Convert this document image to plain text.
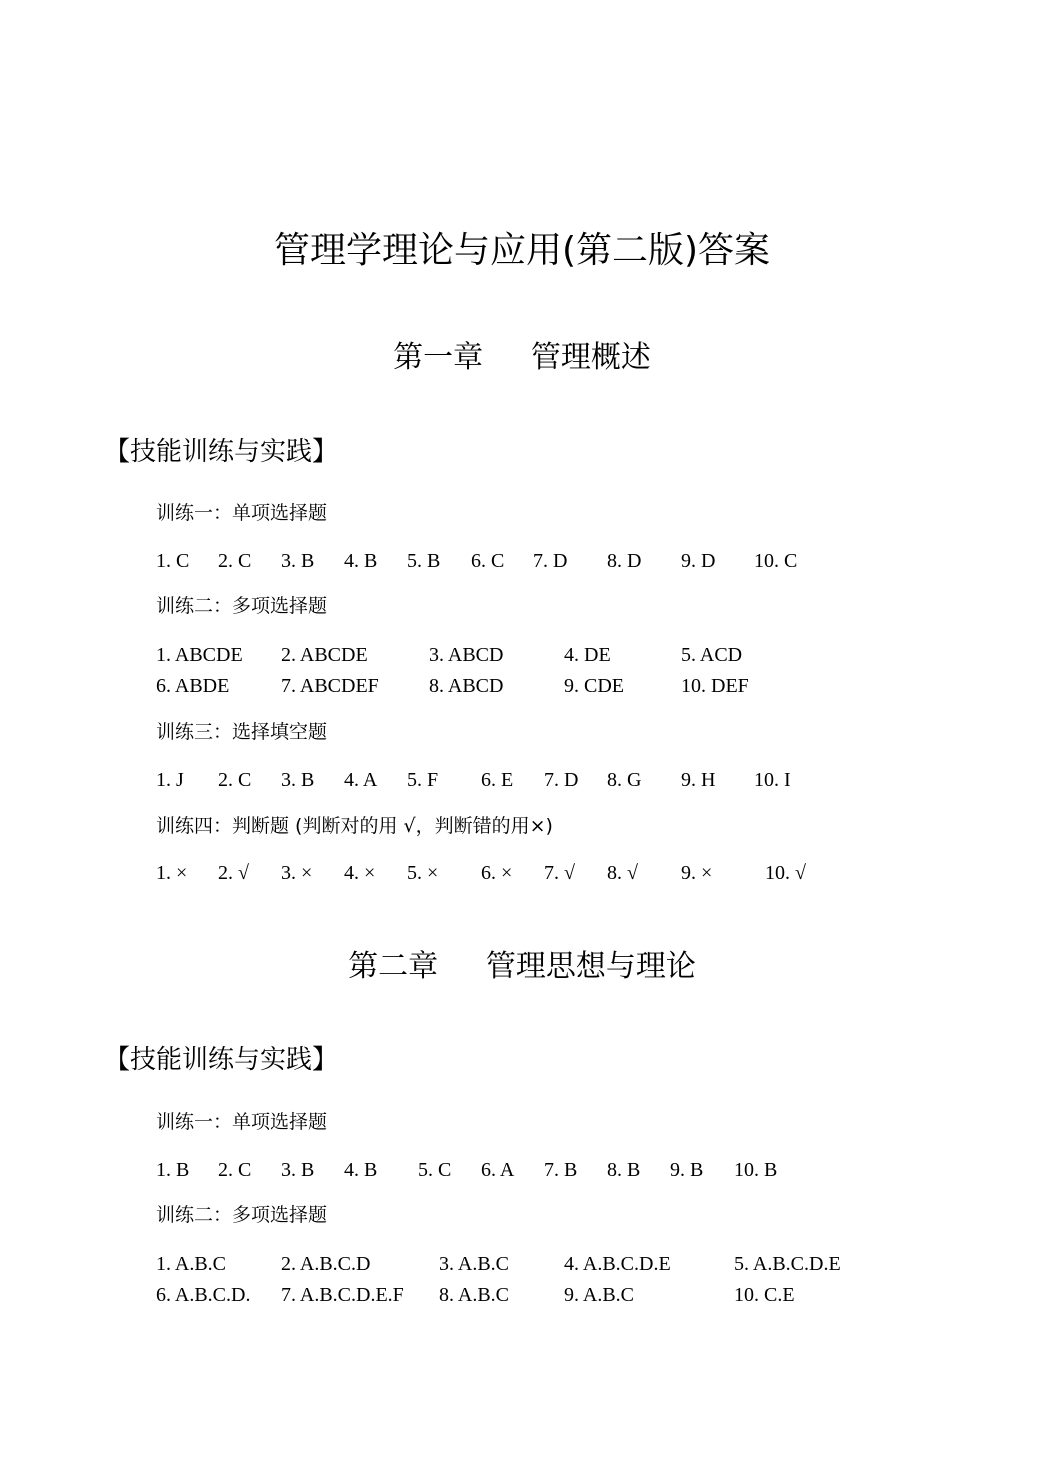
管理学理论与应用(第二版)答案
第一章     管理概述
【技能训练与实践】
训练一：单项选择题
1. C 2. C 3. B 4. B 5. B 6. C 7. D 8. D 9. D 10. C
训练二：多项选择题
1. ABCDE 2. ABCDE	3. ABCD	4. DE	5. ACD
6. ABDE	7. ABCDEF	8. ABCD	9. CDE	10. DEF
训练三：选择填空题
1. J 2. C 3. B 4. A 5. F 6. E 7. D 8. G 9. H 10. I
训练四：判断题 (判断对的用 √，判断错的用×)
1. × 2. √ 3. × 4. × 5. × 6. × 7. √ 8. √ 9. ×	10. √
第二章     管理思想与理论
【技能训练与实践】
训练一：单项选择题
1. B 2. C 3. B 4. B 5. C 6. A 7. B 8. B 9. B 10. B
训练二：多项选择题
1. A.B.C	2. A.B.C.D	3. A.B.C	4. A.B.C.D.E	5. A.B.C.D.E
6. A.B.C.D. 7. A.B.C.D.E.F 8. A.B.C	9. A.B.C	10. C.E
